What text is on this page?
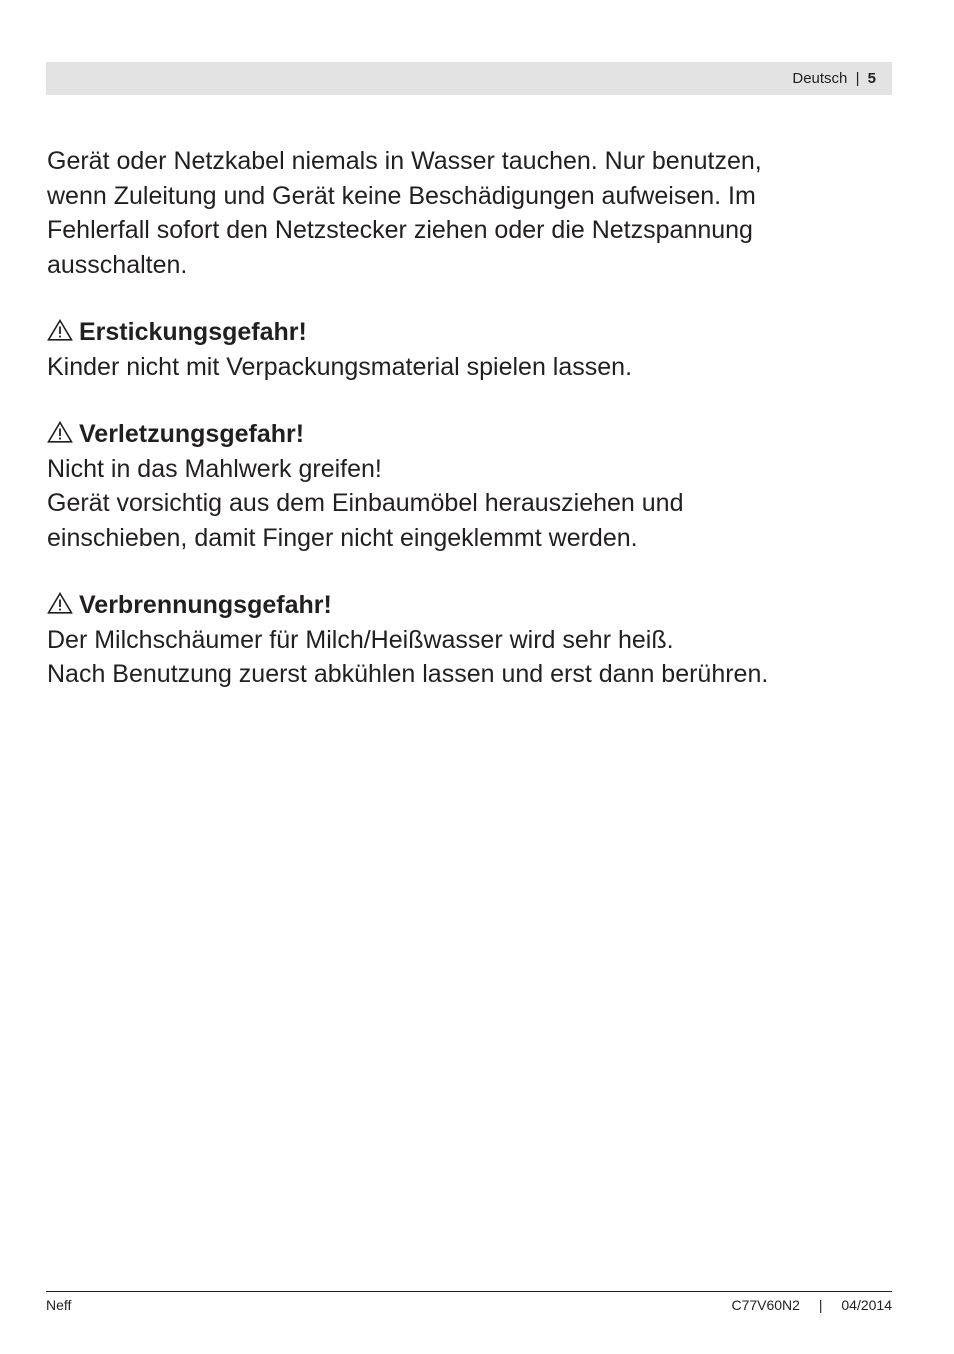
Deutsch | 5

Gerät oder Netzkabel niemals in Wasser tauchen. Nur benutzen,
wenn Zuleitung und Gerät keine Beschädigungen aufweisen. Im
Fehlerfall sofort den Netzstecker ziehen oder die Netzspannung
ausschalten.

Erstickungsgefahr!

Kinder nicht mit Verpackungsmaterial spielen lassen.

Verletzungsgefahr!

Nicht in das Mahlwerk greifen!
Gerät vorsichtig aus dem Einbaumöbel herausziehen und
einschieben, damit Finger nicht eingeklemmt werden.

Verbrennungsgefahr!

Der Milchschäumer für Milch/Heißwasser wird sehr heiß.
Nach Benutzung zuerst abkühlen lassen und erst dann berühren.

Neff	C77V60N2 | 04/2014
